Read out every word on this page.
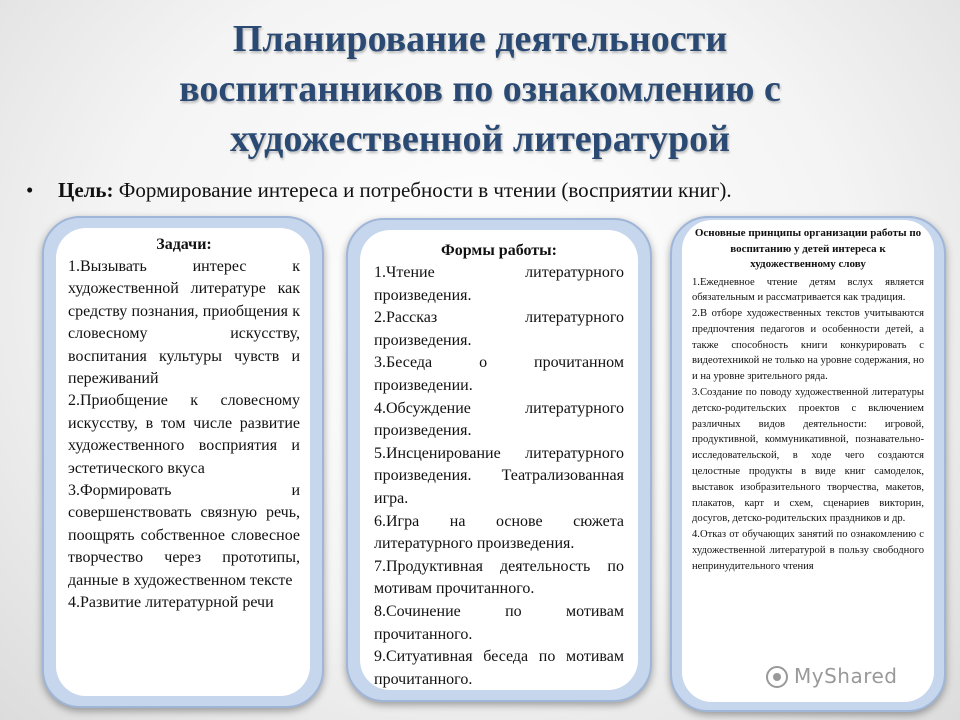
Планирование деятельности
воспитанников по ознакомлению с
художественной литературой
• Цель: Формирование интереса и потребности в чтении (восприятии книг).
Задачи:
1.Вызывать интерес к художественной литературе как средству познания, приобщения к словесному искусству, воспитания культуры чувств и переживаний
2.Приобщение к словесному искусству, в том числе развитие художественного восприятия и эстетического вкуса
3.Формировать и совершенствовать связную речь, поощрять собственное словесное творчество через прототипы, данные в художественном тексте
4.Развитие литературной речи
Формы работы:
1.Чтение литературного произведения.
2.Рассказ литературного произведения.
3.Беседа о прочитанном произведении.
4.Обсуждение литературного произведения.
5.Инсценирование литературного произведения. Театрализованная игра.
6.Игра на основе сюжета литературного произведения.
7.Продуктивная деятельность по мотивам прочитанного.
8.Сочинение по мотивам прочитанного.
9.Ситуативная беседа по мотивам прочитанного.
Основные принципы организации работы по воспитанию у детей интереса к художественному слову
1.Ежедневное чтение детям вслух является обязательным и рассматривается как традиция.
2.В отборе художественных текстов учитываются предпочтения педагогов и особенности детей, а также способность книги конкурировать с видеотехникой не только на уровне содержания, но и на уровне зрительного ряда.
3.Создание по поводу художественной литературы детско-родительских проектов с включением различных видов деятельности: игровой, продуктивной, коммуникативной, познавательно-исследовательской, в ходе чего создаются целостные продукты в виде книг самоделок, выставок изобразительного творчества, макетов, плакатов, карт и схем, сценариев викторин, досугов, детско-родительских праздников и др.
4.Отказ от обучающих занятий по ознакомлению с художественной литературой в пользу свободного непринудительного чтения
MyShared
